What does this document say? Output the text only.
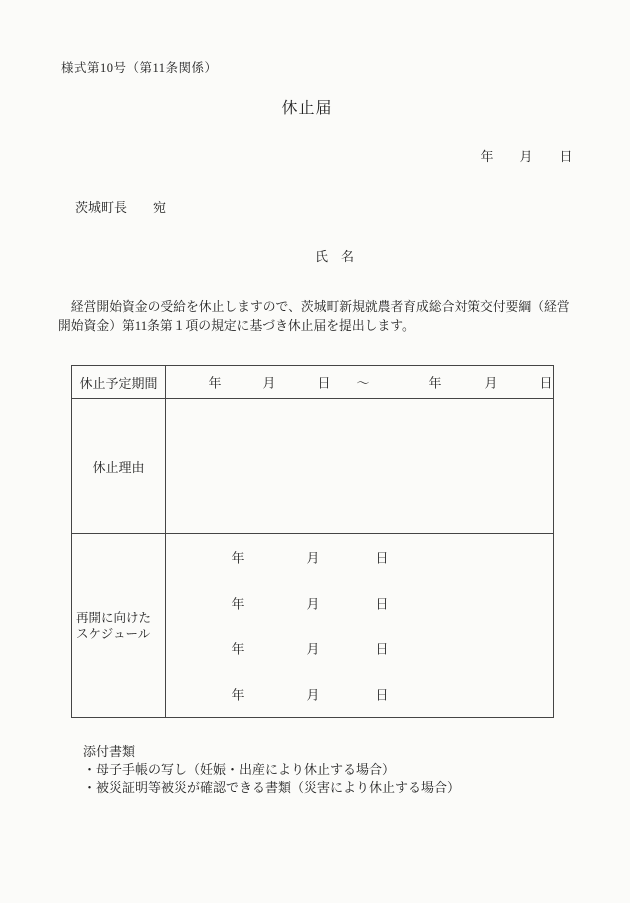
様式第10号（第11条関係）
休止届
年 月 日
茨城町長　　宛
氏　名
　経営開始資金の受給を休止しますので、茨城町新規就農者育成総合対策交付要綱（経営
開始資金）第11条第１項の規定に基づき休止届を提出します。
休止予定期間	年	月	日 ～	年	月	日
休止理由
再開に向けた
スケジュール
年	月	日
年	月	日
年	月	日
年	月	日
添付書類
・母子手帳の写し（妊娠・出産により休止する場合）
・被災証明等被災が確認できる書類（災害により休止する場合）
